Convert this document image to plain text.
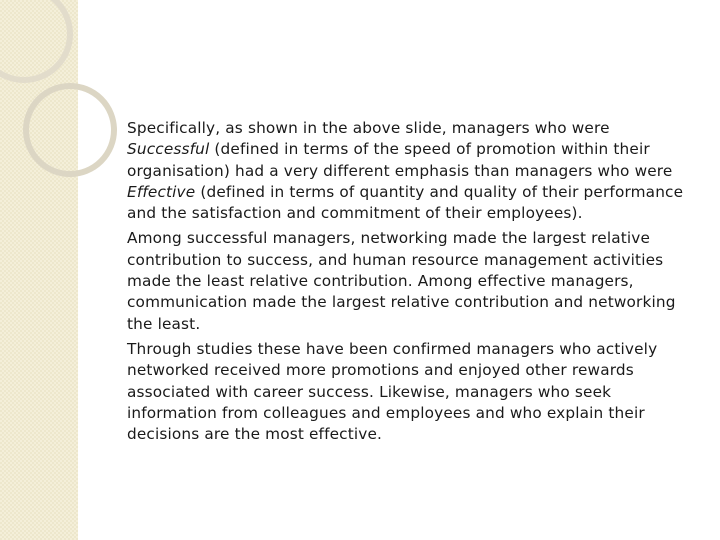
Specifically, as shown in the above slide, managers who were Successful (defined in terms of the speed of promotion within their organisation) had a very different emphasis than managers who were Effective (defined in terms of quantity and quality of their performance and the satisfaction and commitment of their employees).

Among successful managers, networking made the largest relative contribution to success, and human resource management activities made the least relative contribution. Among effective managers, communication made the largest relative contribution and networking the least.

Through studies these have been confirmed managers who actively networked received more promotions and enjoyed other rewards associated with career success. Likewise, managers who seek information from colleagues and employees and who explain their decisions are the most effective.
